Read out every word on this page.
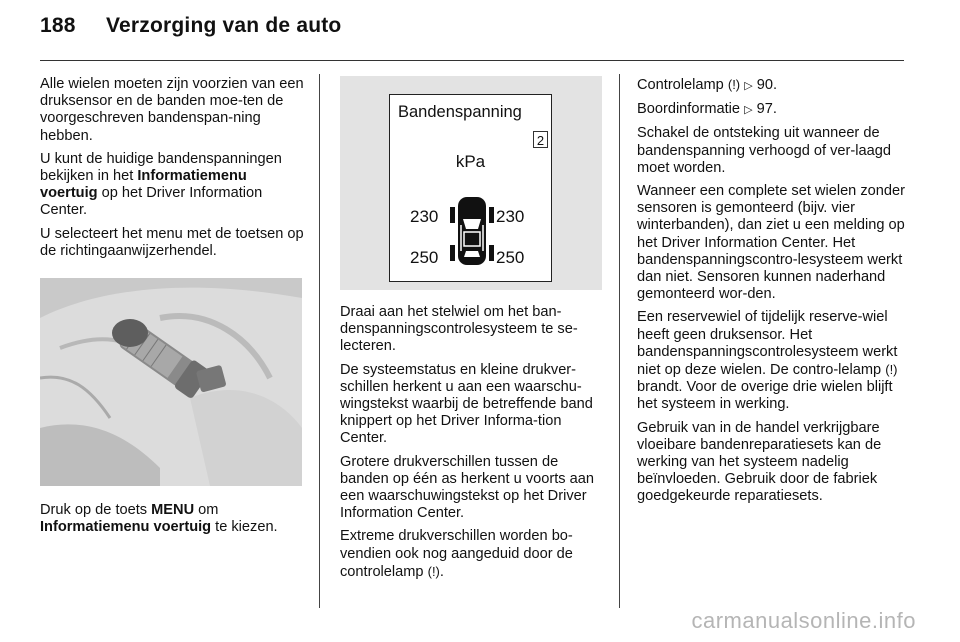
188 Verzorging van de auto

Alle wielen moeten zijn voorzien van een druksensor en de banden moe-ten de voorgeschreven bandenspan-ning hebben.

U kunt de huidige bandenspanningen bekijken in het Informatiemenu voertuig op het Driver Information Center.

U selecteert het menu met de toetsen op de richtingaanwijzerhendel.

Druk op de toets MENU om Informatiemenu voertuig te kiezen.
Bandenspanning
2
kPa
230	230
250	250

Draai aan het stelwiel om het ban-denspanningscontrolesysteem te se-lecteren.

De systeemstatus en kleine drukver-schillen herkent u aan een waarschu-wingstekst waarbij de betreffende band knippert op het Driver Informa-tion Center.

Grotere drukverschillen tussen de banden op één as herkent u voorts aan een waarschuwingstekst op het Driver Information Center.

Extreme drukverschillen worden bo-vendien ook nog aangeduid door de controlelamp (!).

Controlelamp (!) ▷ 90.

Boordinformatie ▷ 97.

Schakel de ontsteking uit wanneer de bandenspanning verhoogd of ver-laagd moet worden.

Wanneer een complete set wielen zonder sensoren is gemonteerd (bijv. vier winterbanden), dan ziet u een melding op het Driver Information Center. Het bandenspanningscontro-lesysteem werkt dan niet. Sensoren kunnen naderhand gemonteerd wor-den.

Een reservewiel of tijdelijk reserve-wiel heeft geen druksensor. Het bandenspanningscontrolesysteem werkt niet op deze wielen. De contro-lelamp (!) brandt. Voor de overige drie wielen blijft het systeem in werking.

Gebruik van in de handel verkrijgbare vloeibare bandenreparatiesets kan de werking van het systeem nadelig beïnvloeden. Gebruik door de fabriek goedgekeurde reparatiesets.

carmanualsonline.info
